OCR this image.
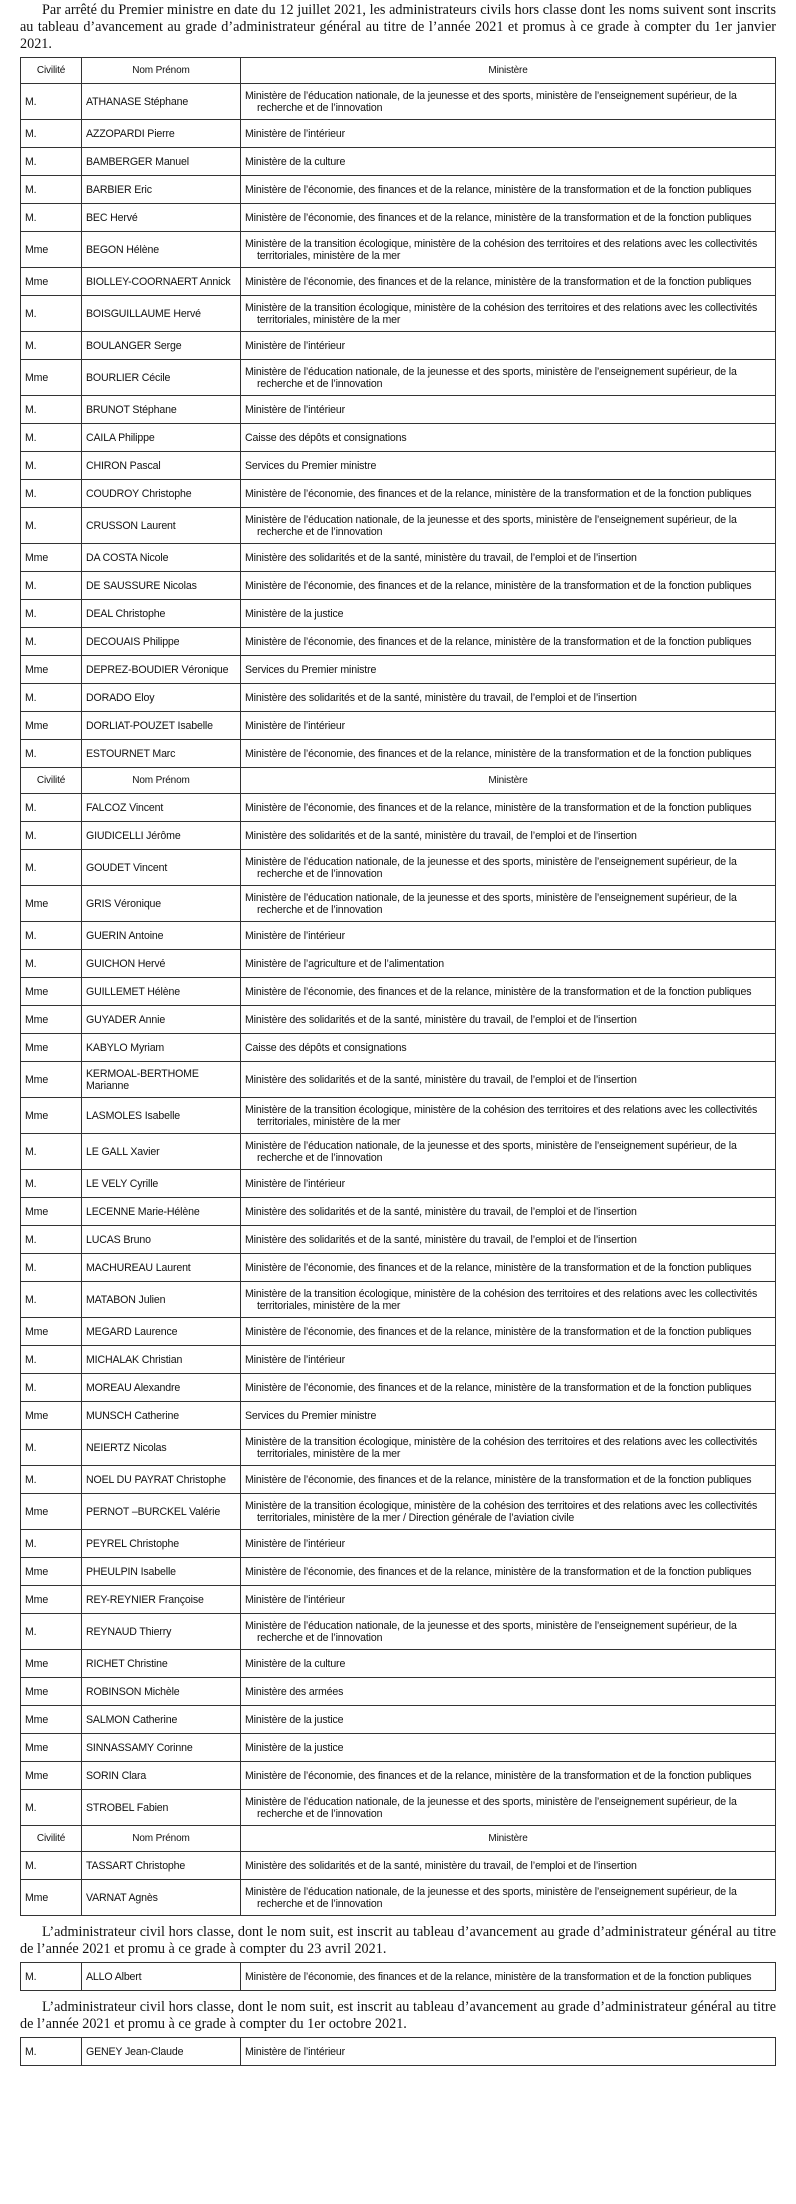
Par arrêté du Premier ministre en date du 12 juillet 2021, les administrateurs civils hors classe dont les noms suivent sont inscrits au tableau d’avancement au grade d’administrateur général au titre de l’année 2021 et promus à ce grade à compter du 1er janvier 2021.

Civilité	Nom Prénom	Ministère
M.	ATHANASE Stéphane	Ministère de l’éducation nationale, de la jeunesse et des sports, ministère de l’enseignement supérieur, de la
recherche et de l’innovation

M.	AZZOPARDI Pierre	Ministère de l’intérieur
M.	BAMBERGER Manuel	Ministère de la culture
M.	BARBIER Eric	Ministère de l’économie, des finances et de la relance, ministère de la transformation et de la fonction publiques
M.	BEC Hervé	Ministère de l’économie, des finances et de la relance, ministère de la transformation et de la fonction publiques
Mme	BEGON Hélène	Ministère de la transition écologique, ministère de la cohésion des territoires et des relations avec les collectivités
territoriales, ministère de la mer

Mme	BIOLLEY-COORNAERT Annick	Ministère de l’économie, des finances et de la relance, ministère de la transformation et de la fonction publiques
M.	BOISGUILLAUME Hervé	Ministère de la transition écologique, ministère de la cohésion des territoires et des relations avec les collectivités
territoriales, ministère de la mer

M.	BOULANGER Serge	Ministère de l’intérieur
Mme	BOURLIER Cécile	Ministère de l’éducation nationale, de la jeunesse et des sports, ministère de l’enseignement supérieur, de la
recherche et de l’innovation

M.	BRUNOT Stéphane	Ministère de l’intérieur
M.	CAILA Philippe	Caisse des dépôts et consignations
M.	CHIRON Pascal	Services du Premier ministre
M.	COUDROY Christophe	Ministère de l’économie, des finances et de la relance, ministère de la transformation et de la fonction publiques
M.	CRUSSON Laurent	Ministère de l’éducation nationale, de la jeunesse et des sports, ministère de l’enseignement supérieur, de la
recherche et de l’innovation

Mme	DA COSTA Nicole	Ministère des solidarités et de la santé, ministère du travail, de l’emploi et de l’insertion
M.	DE SAUSSURE Nicolas	Ministère de l’économie, des finances et de la relance, ministère de la transformation et de la fonction publiques
M.	DEAL Christophe	Ministère de la justice
M.	DECOUAIS Philippe	Ministère de l’économie, des finances et de la relance, ministère de la transformation et de la fonction publiques
Mme	DEPREZ-BOUDIER Véronique	Services du Premier ministre
M.	DORADO Eloy	Ministère des solidarités et de la santé, ministère du travail, de l’emploi et de l’insertion
Mme	DORLIAT-POUZET Isabelle	Ministère de l’intérieur
M.	ESTOURNET Marc	Ministère de l’économie, des finances et de la relance, ministère de la transformation et de la fonction publiques
Civilité	Nom Prénom	Ministère
M.	FALCOZ Vincent	Ministère de l’économie, des finances et de la relance, ministère de la transformation et de la fonction publiques
M.	GIUDICELLI Jérôme	Ministère des solidarités et de la santé, ministère du travail, de l’emploi et de l’insertion
M.	GOUDET Vincent	Ministère de l’éducation nationale, de la jeunesse et des sports, ministère de l’enseignement supérieur, de la
recherche et de l’innovation

Mme	GRIS Véronique	Ministère de l’éducation nationale, de la jeunesse et des sports, ministère de l’enseignement supérieur, de la
recherche et de l’innovation

M.	GUERIN Antoine	Ministère de l’intérieur
M.	GUICHON Hervé	Ministère de l’agriculture et de l’alimentation
Mme	GUILLEMET Hélène	Ministère de l’économie, des finances et de la relance, ministère de la transformation et de la fonction publiques
Mme	GUYADER Annie	Ministère des solidarités et de la santé, ministère du travail, de l’emploi et de l’insertion
Mme	KABYLO Myriam	Caisse des dépôts et consignations
Mme	KERMOAL-BERTHOME
Marianne	Ministère des solidarités et de la santé, ministère du travail, de l’emploi et de l’insertion
Mme	LASMOLES Isabelle	Ministère de la transition écologique, ministère de la cohésion des territoires et des relations avec les collectivités
territoriales, ministère de la mer

M.	LE GALL Xavier	Ministère de l’éducation nationale, de la jeunesse et des sports, ministère de l’enseignement supérieur, de la
recherche et de l’innovation

M.	LE VELY Cyrille	Ministère de l’intérieur
Mme	LECENNE Marie-Hélène	Ministère des solidarités et de la santé, ministère du travail, de l’emploi et de l’insertion
M.	LUCAS Bruno	Ministère des solidarités et de la santé, ministère du travail, de l’emploi et de l’insertion
M.	MACHUREAU Laurent	Ministère de l’économie, des finances et de la relance, ministère de la transformation et de la fonction publiques
M.	MATABON Julien	Ministère de la transition écologique, ministère de la cohésion des territoires et des relations avec les collectivités
territoriales, ministère de la mer

Mme	MEGARD Laurence	Ministère de l’économie, des finances et de la relance, ministère de la transformation et de la fonction publiques
M.	MICHALAK Christian	Ministère de l’intérieur
M.	MOREAU Alexandre	Ministère de l’économie, des finances et de la relance, ministère de la transformation et de la fonction publiques
Mme	MUNSCH Catherine	Services du Premier ministre
M.	NEIERTZ Nicolas	Ministère de la transition écologique, ministère de la cohésion des territoires et des relations avec les collectivités
territoriales, ministère de la mer

M.	NOEL DU PAYRAT Christophe	Ministère de l’économie, des finances et de la relance, ministère de la transformation et de la fonction publiques
Mme	PERNOT –BURCKEL Valérie	Ministère de la transition écologique, ministère de la cohésion des territoires et des relations avec les collectivités
territoriales, ministère de la mer / Direction générale de l’aviation civile

M.	PEYREL Christophe	Ministère de l’intérieur
Mme	PHEULPIN Isabelle	Ministère de l’économie, des finances et de la relance, ministère de la transformation et de la fonction publiques
Mme	REY-REYNIER Françoise	Ministère de l’intérieur
M.	REYNAUD Thierry	Ministère de l’éducation nationale, de la jeunesse et des sports, ministère de l’enseignement supérieur, de la
recherche et de l’innovation

Mme	RICHET Christine	Ministère de la culture
Mme	ROBINSON Michèle	Ministère des armées
Mme	SALMON Catherine	Ministère de la justice
Mme	SINNASSAMY Corinne	Ministère de la justice
Mme	SORIN Clara	Ministère de l’économie, des finances et de la relance, ministère de la transformation et de la fonction publiques
M.	STROBEL Fabien	Ministère de l’éducation nationale, de la jeunesse et des sports, ministère de l’enseignement supérieur, de la
recherche et de l’innovation
Civilité	Nom Prénom	Ministère
M.	TASSART Christophe	Ministère des solidarités et de la santé, ministère du travail, de l’emploi et de l’insertion
Mme	VARNAT Agnès	Ministère de l’éducation nationale, de la jeunesse et des sports, ministère de l’enseignement supérieur, de la
recherche et de l’innovation

L’administrateur civil hors classe, dont le nom suit, est inscrit au tableau d’avancement au grade d’administrateur général au titre de l’année 2021 et promu à ce grade à compter du 23 avril 2021.

M.	ALLO Albert	Ministère de l’économie, des finances et de la relance, ministère de la transformation et de la fonction publiques

L’administrateur civil hors classe, dont le nom suit, est inscrit au tableau d’avancement au grade d’administrateur général au titre de l’année 2021 et promu à ce grade à compter du 1er octobre 2021.

M.	GENEY Jean-Claude	Ministère de l’intérieur
